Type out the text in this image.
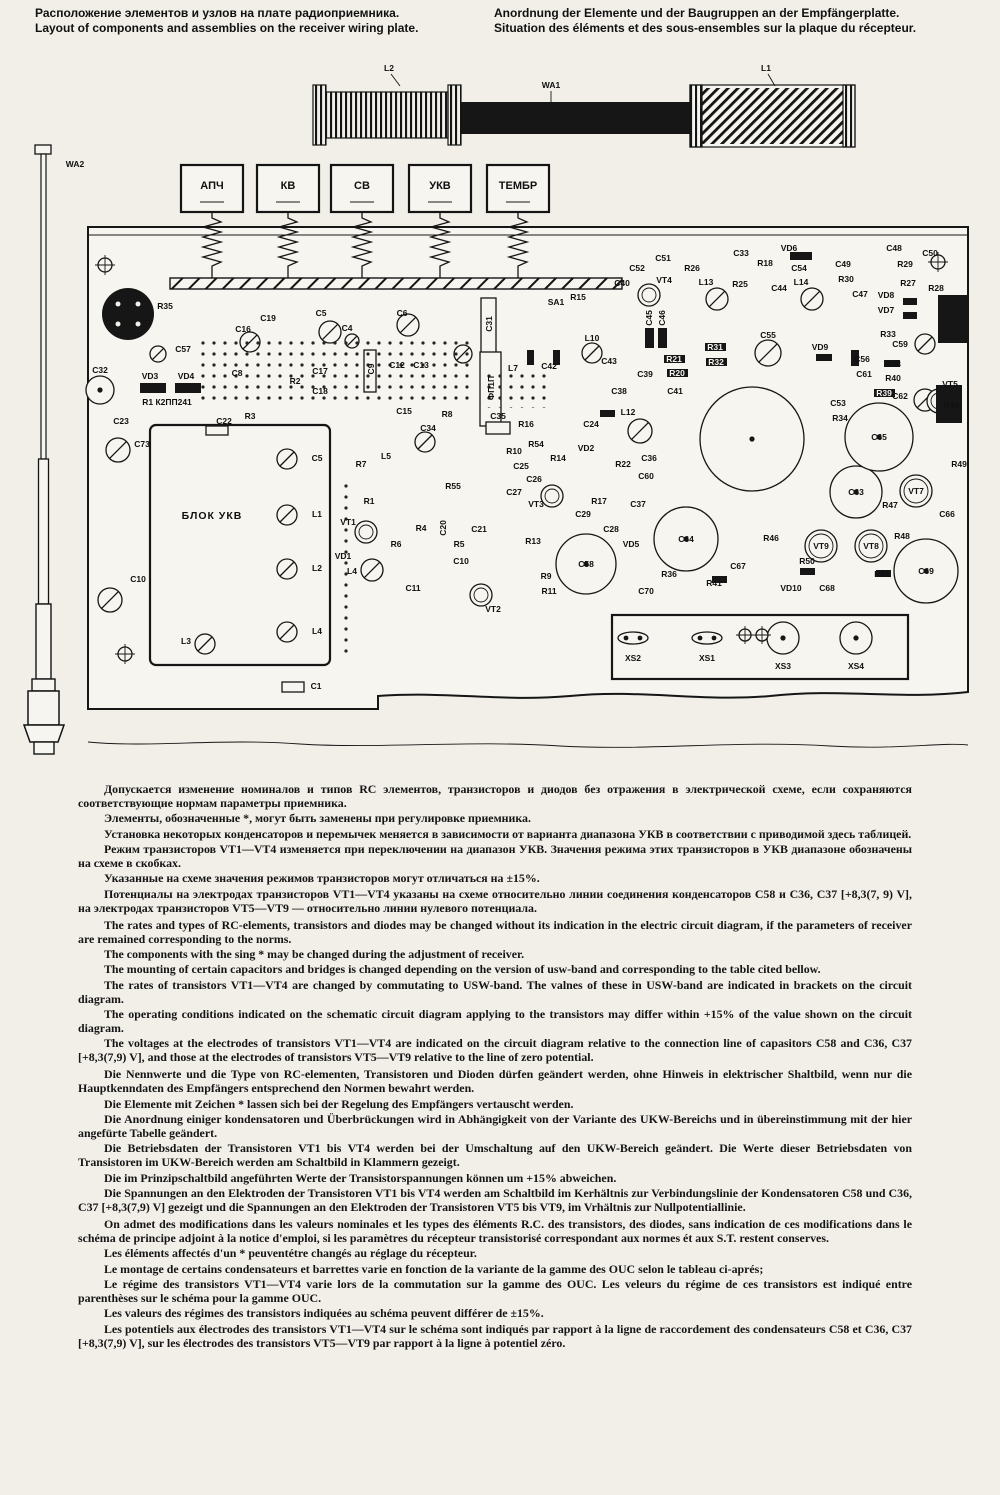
Расположение элементов и узлов на плате радиоприемника.
Layout of components and assemblies on the receiver wiring plate.
Anordnung der Elemente und der Baugruppen an der Empfängerplatte.
Situation des éléments et des sous-ensembles sur la plaque du récepteur.
АПЧ	КВ	СВ	УКВ	ТЕМБР
L2
WA1
L1
WA2
SA1
R35
C16
C19	C5
C4
C6
C31
C57
C32
VD3 VD4
R1 К2ПП241
C23
C73
C22 R3
C8
R2
C17
C18
C9 C12 C13
C15	R8
ФП1П
L7	C42
L10
C43
C38
C39
C41
R21
R20
R31
R32
R15
C40	VT4
C52
C51
R26
C33
R18
VD6
C54
R25	C44
C49
C48
R29
C50
R30	R27 R28
C47 VD8
VD7
L13	L14
C45 C46
C55	R33
C59
VD9
C56
C61
R38
R40
R39
C53
C62
VT5
R44
R34
C65
R49
VT7
C63
R47
C66
C69
R48
VT8
VT9
R51
R50
C68
VD10
R46
C67
R41
R36
C70
C64
VD5
C58
R9
R11
VT2
R13
C28
C29
R17	C37
C36
C60
R22
VD2
R14
R54
R10
C25
C26
C27
VT3
C24
C35
R16
L12
R7
L5
R55
C34
R1
VT1
R6
R4 C20
R5
C21
C10
VD1
L4
C11
C10
C5
L1
L2
L4
L3
БЛОК УКВ
C1
XS2	XS1
XS3	XS4

Допускается изменение номиналов и типов RC элементов, транзисторов и диодов без отражения в электрической схеме, если сохраняются соответствующие нормам параметры приемника.

Элементы, обозначенные *, могут быть заменены при регулировке приемника.

Установка некоторых конденсаторов и перемычек меняется в зависимости от варианта диапазона УКВ в соответствии с приводимой здесь таблицей.

Режим транзисторов VT1—VT4 изменяется при переключении на диапазон УКВ. Значения режима этих транзисторов в УКВ диапазоне обозначены на схеме в скобках.

Указанные на схеме значения режимов транзисторов могут отличаться на ±15%.

Потенциалы на электродах транзисторов VT1—VT4 указаны на схеме относительно линии соединения конденсаторов C58 и C36, C37 [+8,3(7, 9) V], на электродах транзисторов VT5—VT9 — относительно линии нулевого потенциала.

The rates and types of RC-elements, transistors and diodes may be changed without its indication in the electric circuit diagram, if the parameters of receiver are remained corresponding to the norms.

The components with the sing * may be changed during the adjustment of receiver.

The mounting of certain capacitors and bridges is changed depending on the version of usw-band and corresponding to the table cited bellow.

The rates of transistors VT1—VT4 are changed by commutating to USW-band. The valnes of these in USW-band are indicated in brackets on the circuit diagram.

The operating conditions indicated on the schematic circuit diagram applying to the transistors may differ within +15% of the value shown on the circuit diagram.

The voltages at the electrodes of transistors VT1—VT4 are indicated on the circuit diagram relative to the connection line of capasitors C58 and C36, C37 [+8,3(7,9) V], and those at the electrodes of transistors VT5—VT9 relative to the line of zero potential.

Die Nennwerte und die Type von RC-elementen, Transistoren und Dioden dürfen geändert werden, ohne Hinweis in elektrischer Shaltbild, wenn nur die Hauptkenndaten des Empfängers entsprechend den Normen bewahrt werden.

Die Elemente mit Zeichen * lassen sich bei der Regelung des Empfängers vertauscht werden.

Die Anordnung einiger kondensatoren und Überbrückungen wird in Abhängigkeit von der Variante des UKW-Bereichs und in übereinstimmung mit der hier angefürte Tabelle geändert.

Die Betriebsdaten der Transistoren VT1 bis VT4 werden bei der Umschaltung auf den UKW-Bereich geändert. Die Werte dieser Betriebsdaten von Transistoren im UKW-Bereich werden am Schaltbild in Klammern gezeigt.

Die im Prinzipschaltbild angeführten Werte der Transistorspannungen können um +15% abweichen.

Die Spannungen an den Elektroden der Transistoren VT1 bis VT4 werden am Schaltbild im Kerhältnis zur Verbindungslinie der Kondensatoren C58 und C36, C37 [+8,3(7,9) V] gezeigt und die Spannungen an den Elektroden der Transistoren VT5 bis VT9, im Vrhältnis zur Nullpotentiallinie.

On admet des modifications dans les valeurs nominales et les types des éléments R.C. des transistors, des diodes, sans indication de ces modifications dans le schéma de principe adjoint à la notice d'emploi, si les paramètres du récepteur transistorisé correspondant aux normes ét aux S.T. restent conserves.

Les éléments affectés d'un * peuventétre changés au réglage du récepteur.

Le montage de certains condensateurs et barrettes varie en fonction de la variante de la gamme des OUC selon le tableau ci-aprés;

Le régime des transistors VT1—VT4 varie lors de la commutation sur la gamme des OUC. Les veleurs du régime de ces transistors est indiqué entre parenthèses sur le schéma pour la gamme OUC.

Les valeurs des régimes des transistors indiquées au schéma peuvent différer de ±15%.

Les potentiels aux électrodes des transistors VT1—VT4 sur le schéma sont indiqués par rapport à la ligne de raccordement des condensateurs C58 et C36, C37 [+8,3(7,9) V], sur les électrodes des transistors VT5—VT9 par rapport à la ligne à potentiel zéro.
